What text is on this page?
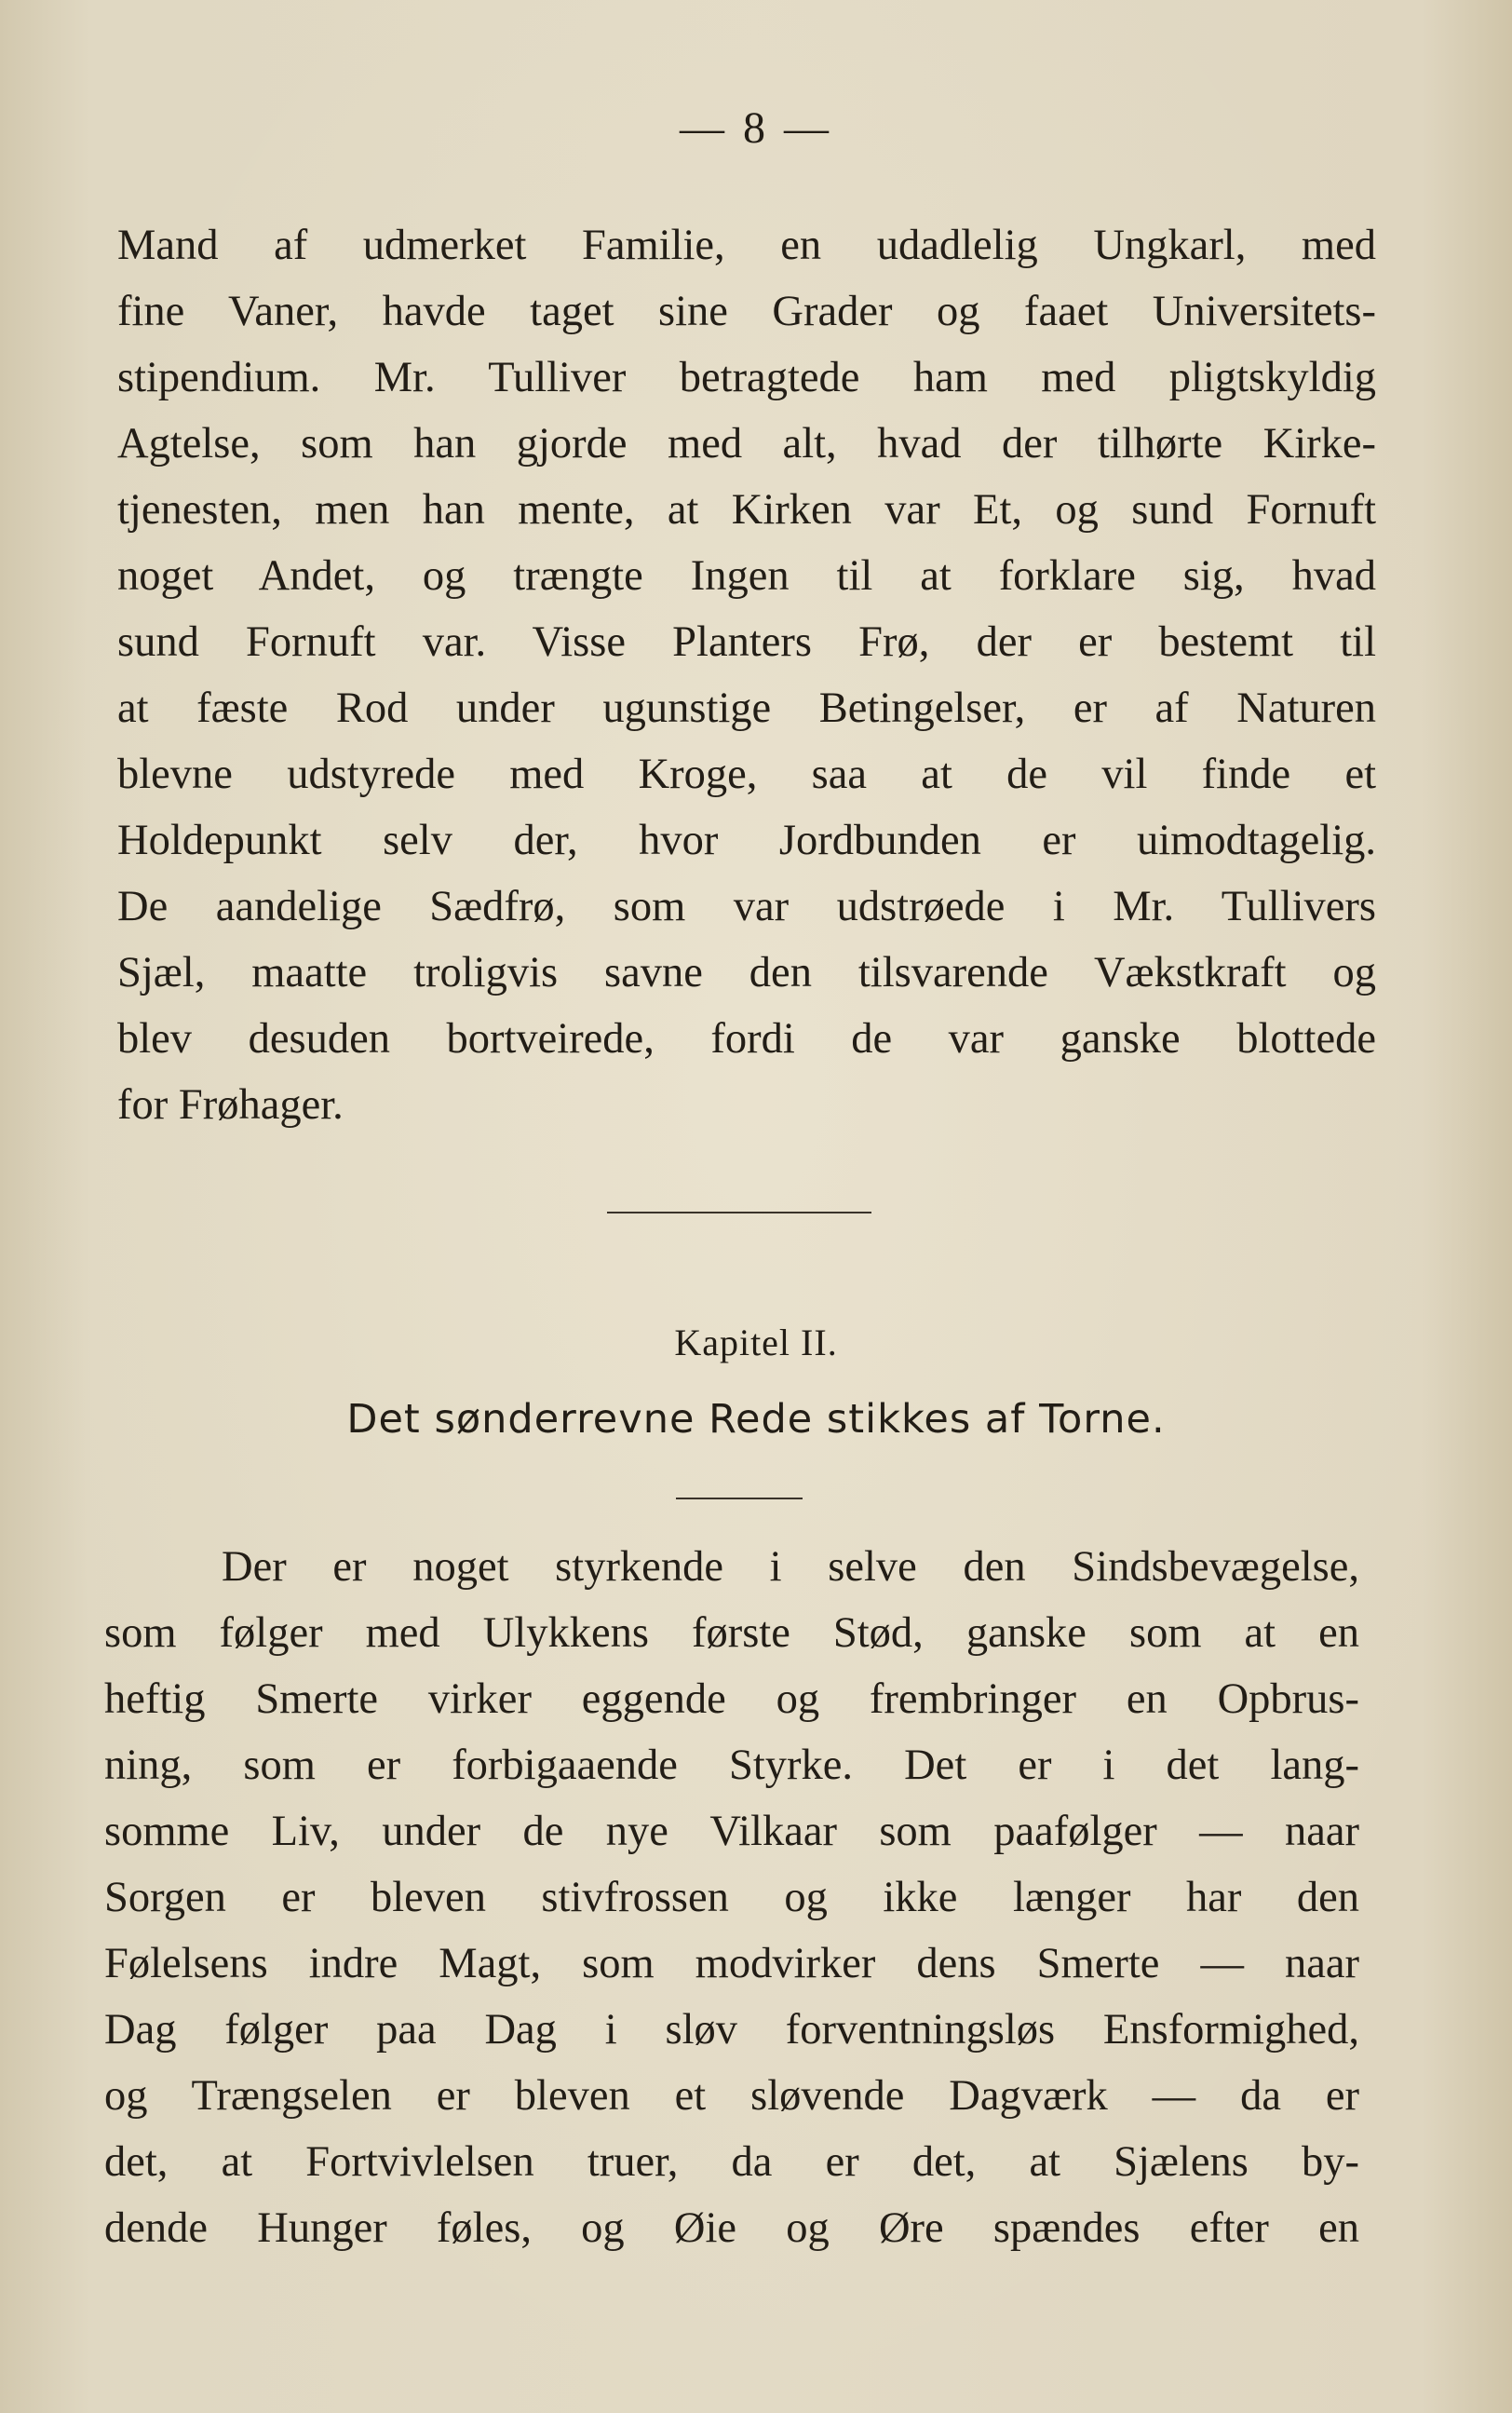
— 8 —

Mand af udmerket Familie, en udadlelig Ungkarl, med
fine Vaner, havde taget sine Grader og faaet Universitets-
stipendium. Mr. Tulliver betragtede ham med pligtskyldig
Agtelse, som han gjorde med alt, hvad der tilhørte Kirke-
tjenesten, men han mente, at Kirken var Et, og sund Fornuft
noget Andet, og trængte Ingen til at forklare sig, hvad
sund Fornuft var. Visse Planters Frø, der er bestemt til
at fæste Rod under ugunstige Betingelser, er af Naturen
blevne udstyrede med Kroge, saa at de vil finde et
Holdepunkt selv der, hvor Jordbunden er uimodtagelig.
De aandelige Sædfrø, som var udstrøede i Mr. Tullivers
Sjæl, maatte troligvis savne den tilsvarende Vækstkraft og
blev desuden bortveirede, fordi de var ganske blottede
for Frøhager.

Kapitel II.
Det sønderrevne Rede stikkes af Torne.

Der er noget styrkende i selve den Sindsbevægelse,
som følger med Ulykkens første Stød, ganske som at en
heftig Smerte virker eggende og frembringer en Opbrus-
ning, som er forbigaaende Styrke. Det er i det lang-
somme Liv, under de nye Vilkaar som paafølger — naar
Sorgen er bleven stivfrossen og ikke længer har den
Følelsens indre Magt, som modvirker dens Smerte — naar
Dag følger paa Dag i sløv forventningsløs Ensformighed,
og Trængselen er bleven et sløvende Dagværk — da er
det, at Fortvivlelsen truer, da er det, at Sjælens by-
dende Hunger føles, og Øie og Øre spændes efter en
